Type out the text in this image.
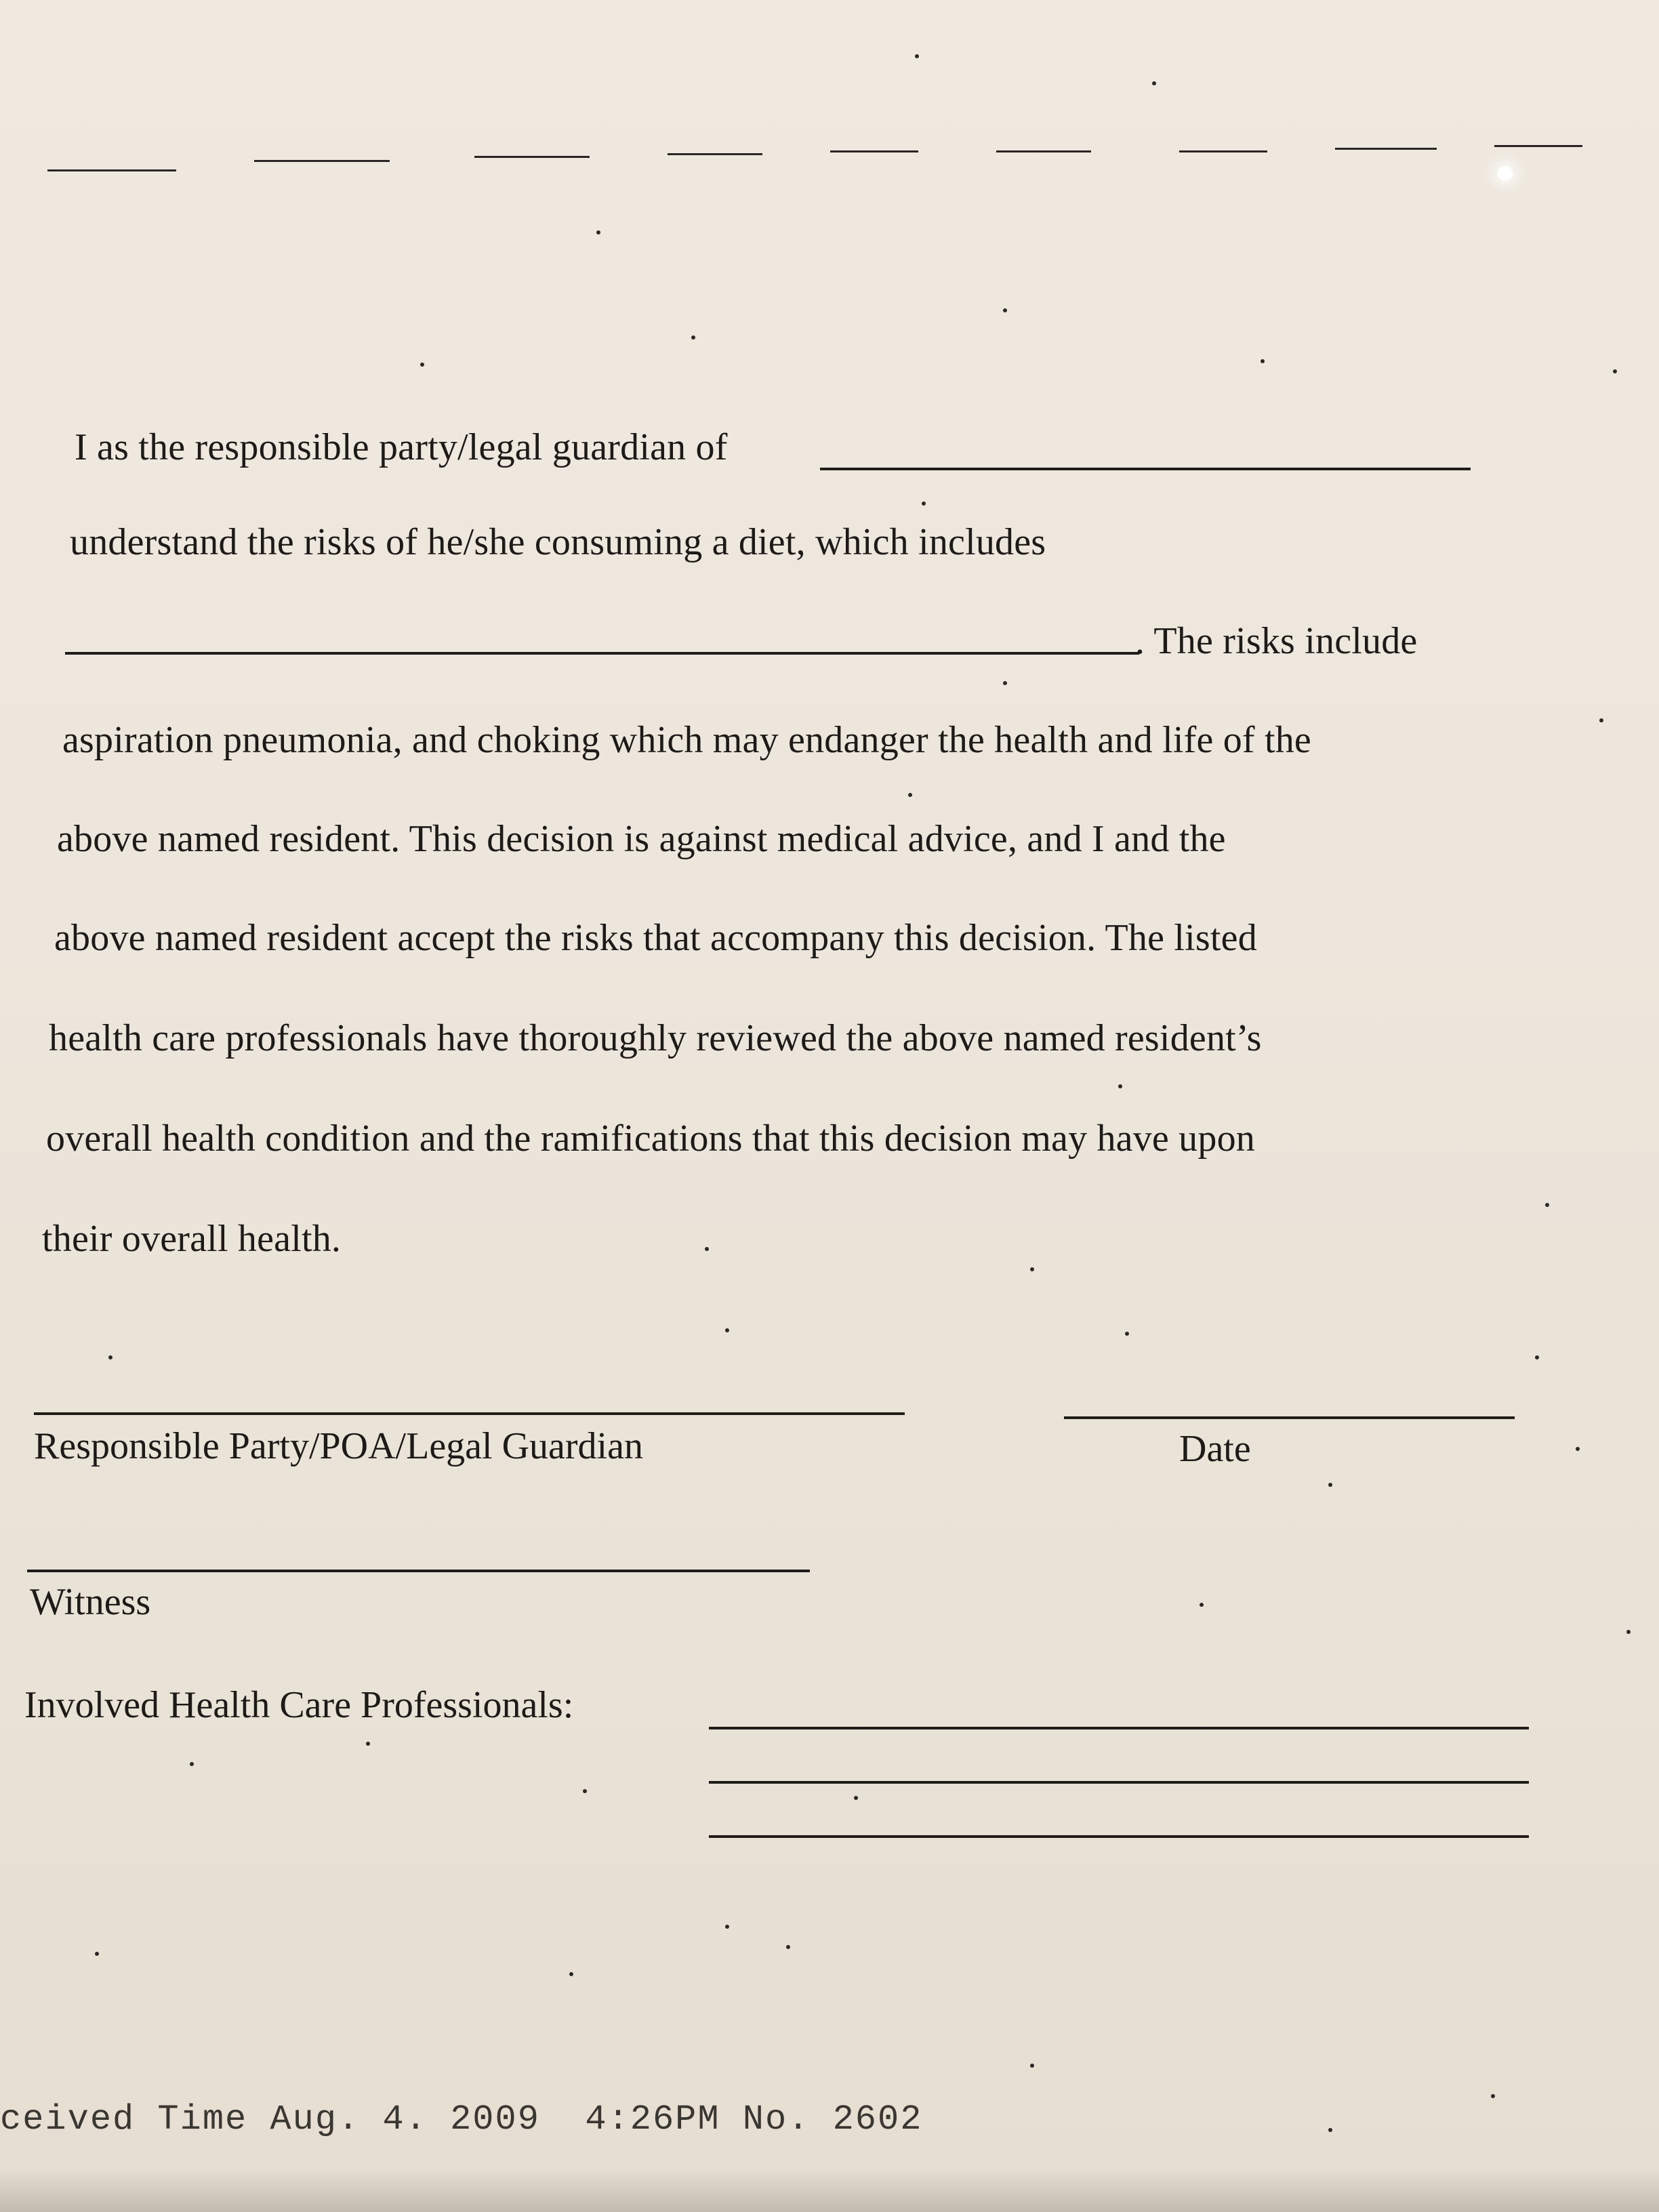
I as the responsible party/legal guardian of
understand the risks of he/she consuming a diet, which includes
. The risks include
aspiration pneumonia, and choking which may endanger the health and life of the
above named resident. This decision is against medical advice, and I and the
above named resident accept the risks that accompany this decision. The listed
health care professionals have thoroughly reviewed the above named resident’s
overall health condition and the ramifications that this decision may have upon
their overall health.
Responsible Party/POA/Legal Guardian	Date
Witness
Involved Health Care Professionals:
ceived Time Aug. 4. 2009  4:26PM No. 2602
